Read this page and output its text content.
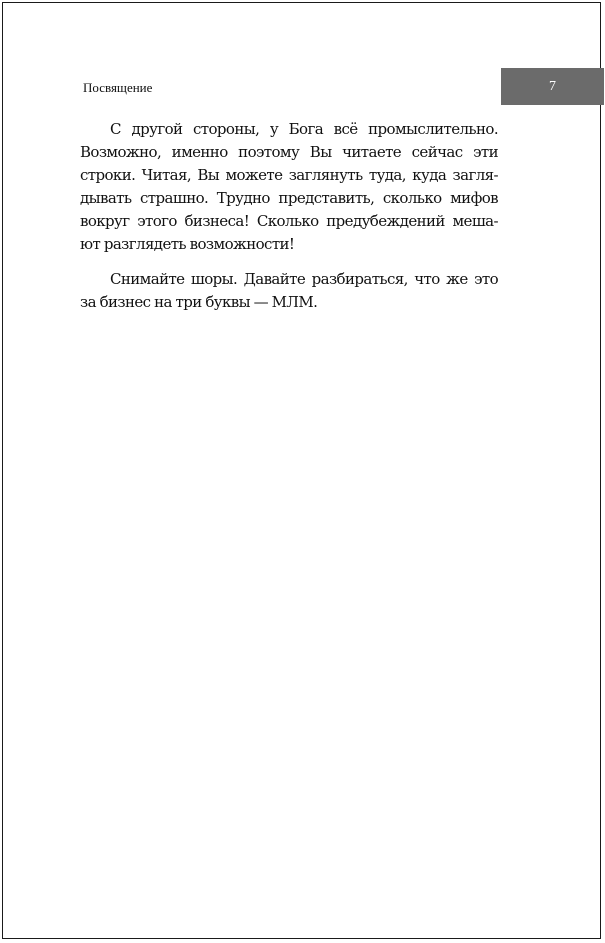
Посвящение	7

С другой стороны, у Бога всё промыслительно.
Возможно, именно поэтому Вы читаете сейчас эти
строки. Читая, Вы можете заглянуть туда, куда загля-
дывать страшно. Трудно представить, сколько мифов
вокруг этого бизнеса! Сколько предубеждений меша-
ют разглядеть возможности!

Снимайте шоры. Давайте разбираться, что же это
за бизнес на три буквы — МЛМ.
